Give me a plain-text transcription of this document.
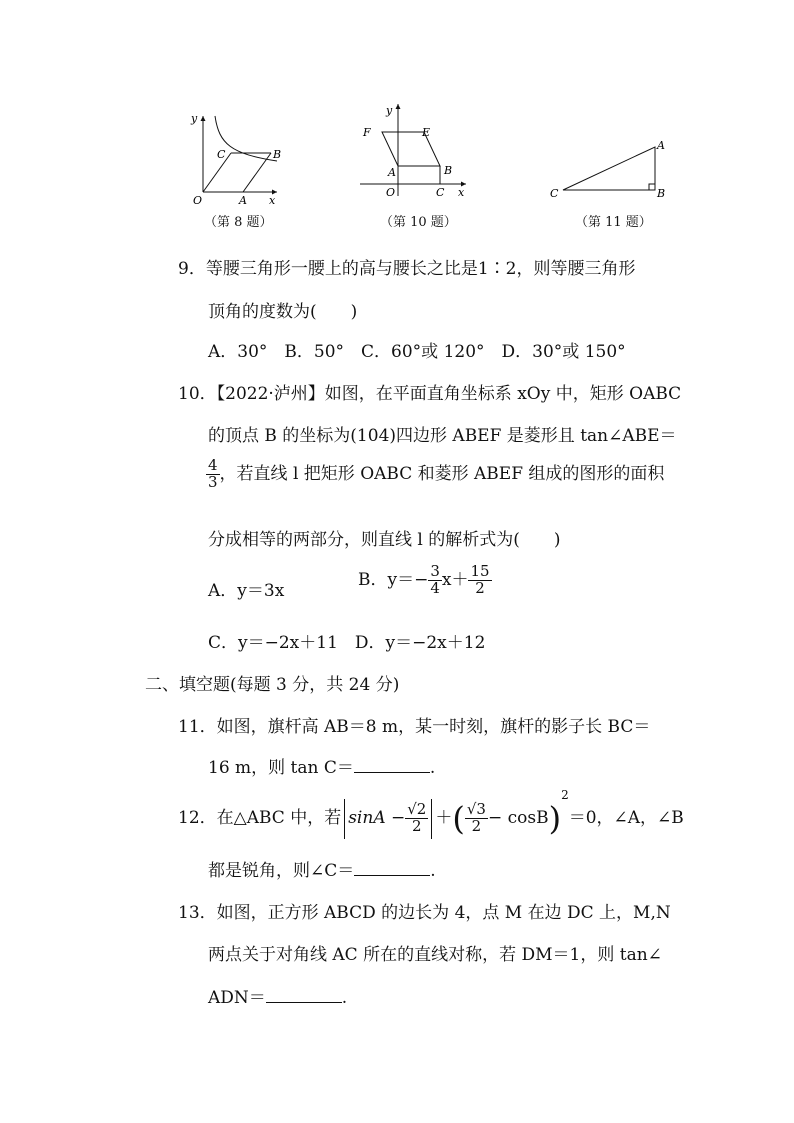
y
x
O	A
B
C
（第 8 题）
y
x
O
A	B
C
E
F
（第 10 题）
A
B
C
（第 11 题）
9．等腰三角形一腰上的高与腰长之比是1∶2，则等腰三角形
顶角的度数为(　　)
A．30°　B．50°　C．60°或 120°　D．30°或 150°
10．【2022·泸州】如图，在平面直角坐标系 xOy 中，矩形 OABC
的顶点 B 的坐标为(104)四边形 ABEF 是菱形且 tan∠ABE＝
$\frac{4}{3}$ ，若直线 l 把矩形 OABC 和菱形 ABEF 组成的图形的面积
分成相等的两部分，则直线 l 的解析式为(　　)
A．y＝3x
B．$y=- \frac{3}{4} x+ \frac{15}{2}$
C．y＝−2x＋11　D．y＝−2x＋12
二、填空题(每题 3 分，共 24 分)
11．如图，旗杆高 AB＝8 m，某一时刻，旗杆的影子长 BC＝
16 m，则 tan C＝	.
12．在△ABC 中，若 $\sin A - \frac{√2}{2}$ ＋( $\frac{√3}{2} - \cos B)^2=0$，∠A，∠B
都是锐角，则∠C＝	.
13．如图，正方形 ABCD 的边长为 4，点 M 在边 DC 上，M,N
两点关于对角线 AC 所在的直线对称，若 DM＝1，则 tan∠
ADN＝	.
